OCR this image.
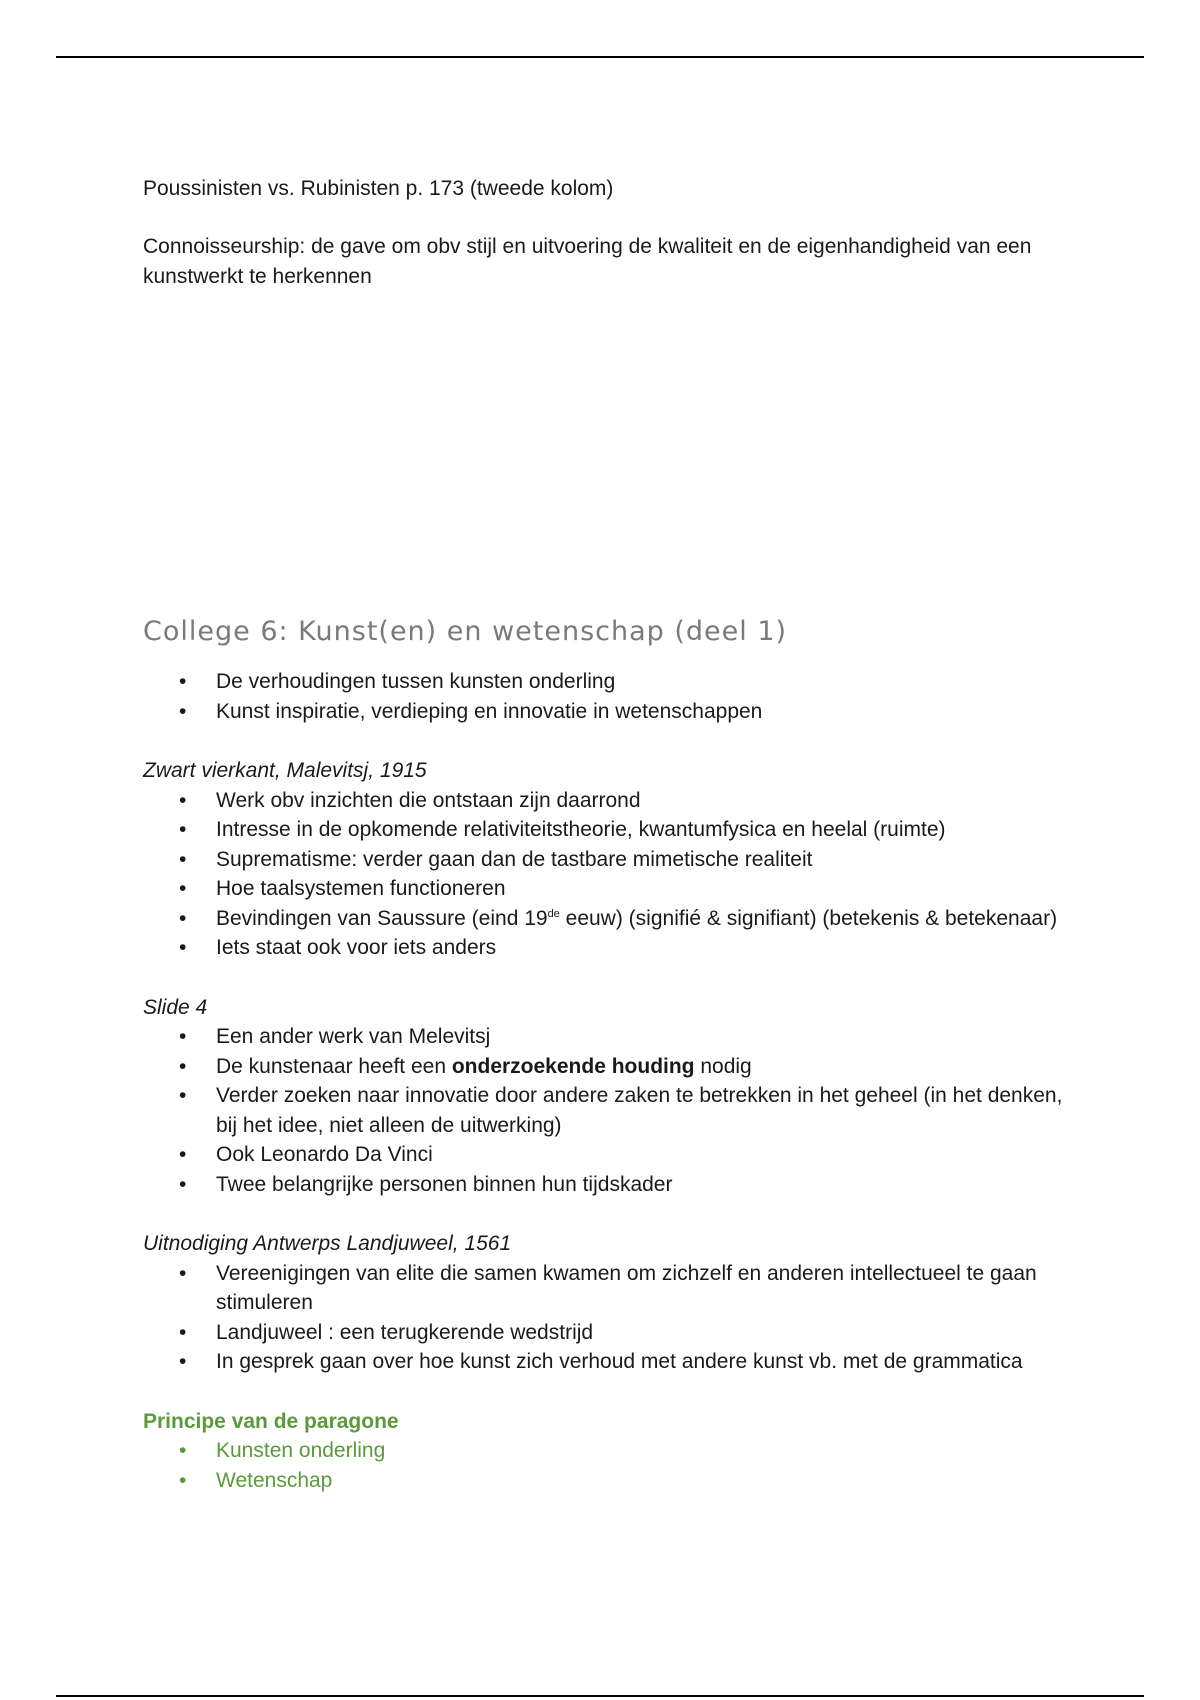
Poussinisten vs. Rubinisten p. 173 (tweede kolom)

Connoisseurship: de gave om obv stijl en uitvoering de kwaliteit en de eigenhandigheid van een kunstwerkt te herkennen

College 6: Kunst(en) en wetenschap (deel 1)
• De verhoudingen tussen kunsten onderling
• Kunst inspiratie, verdieping en innovatie in wetenschappen
Zwart vierkant, Malevitsj, 1915
• Werk obv inzichten die ontstaan zijn daarrond
• Intresse in de opkomende relativiteitstheorie, kwantumfysica en heelal (ruimte)
• Suprematisme: verder gaan dan de tastbare mimetische realiteit
• Hoe taalsystemen functioneren
• Bevindingen van Saussure (eind 19de eeuw) (signifié & signifiant) (betekenis & betekenaar)
• Iets staat ook voor iets anders
Slide 4
• Een ander werk van Melevitsj
• De kunstenaar heeft een onderzoekende houding nodig
• Verder zoeken naar innovatie door andere zaken te betrekken in het geheel (in het denken, bij het idee, niet alleen de uitwerking)
• Ook Leonardo Da Vinci
• Twee belangrijke personen binnen hun tijdskader
Uitnodiging Antwerps Landjuweel, 1561
• Vereenigingen van elite die samen kwamen om zichzelf en anderen intellectueel te gaan stimuleren
• Landjuweel : een terugkerende wedstrijd
• In gesprek gaan over hoe kunst zich verhoud met andere kunst vb. met de grammatica
Principe van de paragone
• Kunsten onderling
• Wetenschap
